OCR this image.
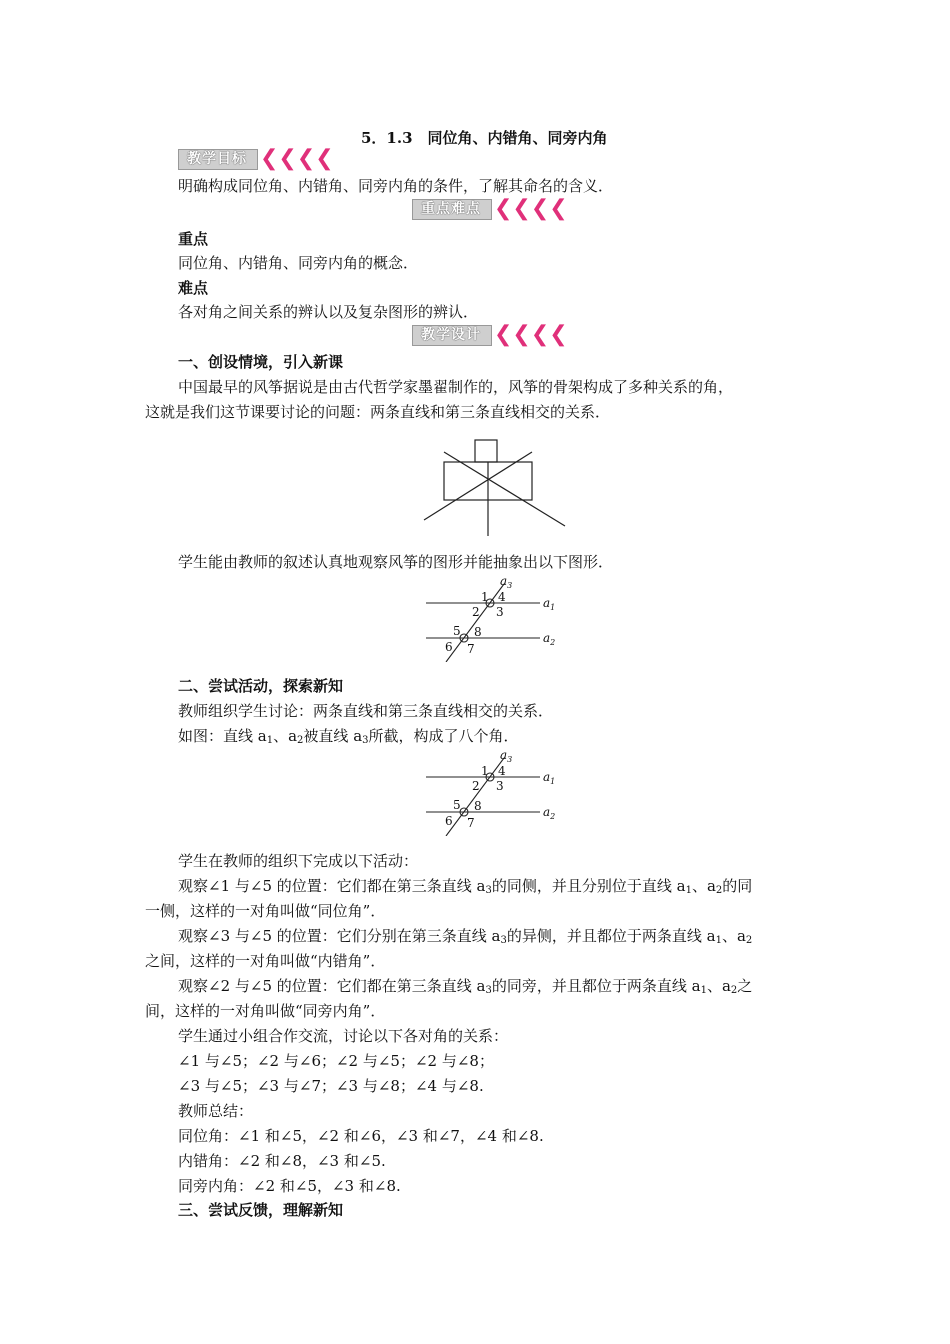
5．1.3　同位角、内错角、同旁内角
教学目标 ❮❮❮❮
明确构成同位角、内错角、同旁内角的条件，了解其命名的含义．
重点难点 ❮❮❮❮
重点
同位角、内错角、同旁内角的概念．
难点
各对角之间关系的辨认以及复杂图形的辨认．
教学设计 ❮❮❮❮
一、创设情境，引入新课
中国最早的风筝据说是由古代哲学家墨翟制作的，风筝的骨架构成了多种关系的角，
这就是我们这节课要讨论的问题：两条直线和第三条直线相交的关系．
学生能由教师的叙述认真地观察风筝的图形并能抽象出以下图形．
$a_3$
$a_1$
$a_2$
1
2 3
4
5
6 7
8
二、尝试活动，探索新知
教师组织学生讨论：两条直线和第三条直线相交的关系．
如图：直线 $a_1$、$a_2$被直线 $a_3$所截，构成了八个角．
$a_3$
$a_1$
$a_2$
1
2 3
4
5
6 7
8
学生在教师的组织下完成以下活动：
观察∠1 与∠5 的位置：它们都在第三条直线 $a_3$的同侧，并且分别位于直线 $a_1$、$a_2$的同
一侧，这样的一对角叫做“同位角”．
观察∠3 与∠5 的位置：它们分别在第三条直线 $a_3$的异侧，并且都位于两条直线 $a_1$、$a_2$
之间，这样的一对角叫做“内错角”．
观察∠2 与∠5 的位置：它们都在第三条直线 $a_3$的同旁，并且都位于两条直线 $a_1$、$a_2$之
间，这样的一对角叫做“同旁内角”．
学生通过小组合作交流，讨论以下各对角的关系：
∠1 与∠5；∠2 与∠6；∠2 与∠5；∠2 与∠8；
∠3 与∠5；∠3 与∠7；∠3 与∠8；∠4 与∠8.
教师总结：
同位角：∠1 和∠5，∠2 和∠6，∠3 和∠7，∠4 和∠8.
内错角：∠2 和∠8，∠3 和∠5.
同旁内角：∠2 和∠5，∠3 和∠8.
三、尝试反馈，理解新知
